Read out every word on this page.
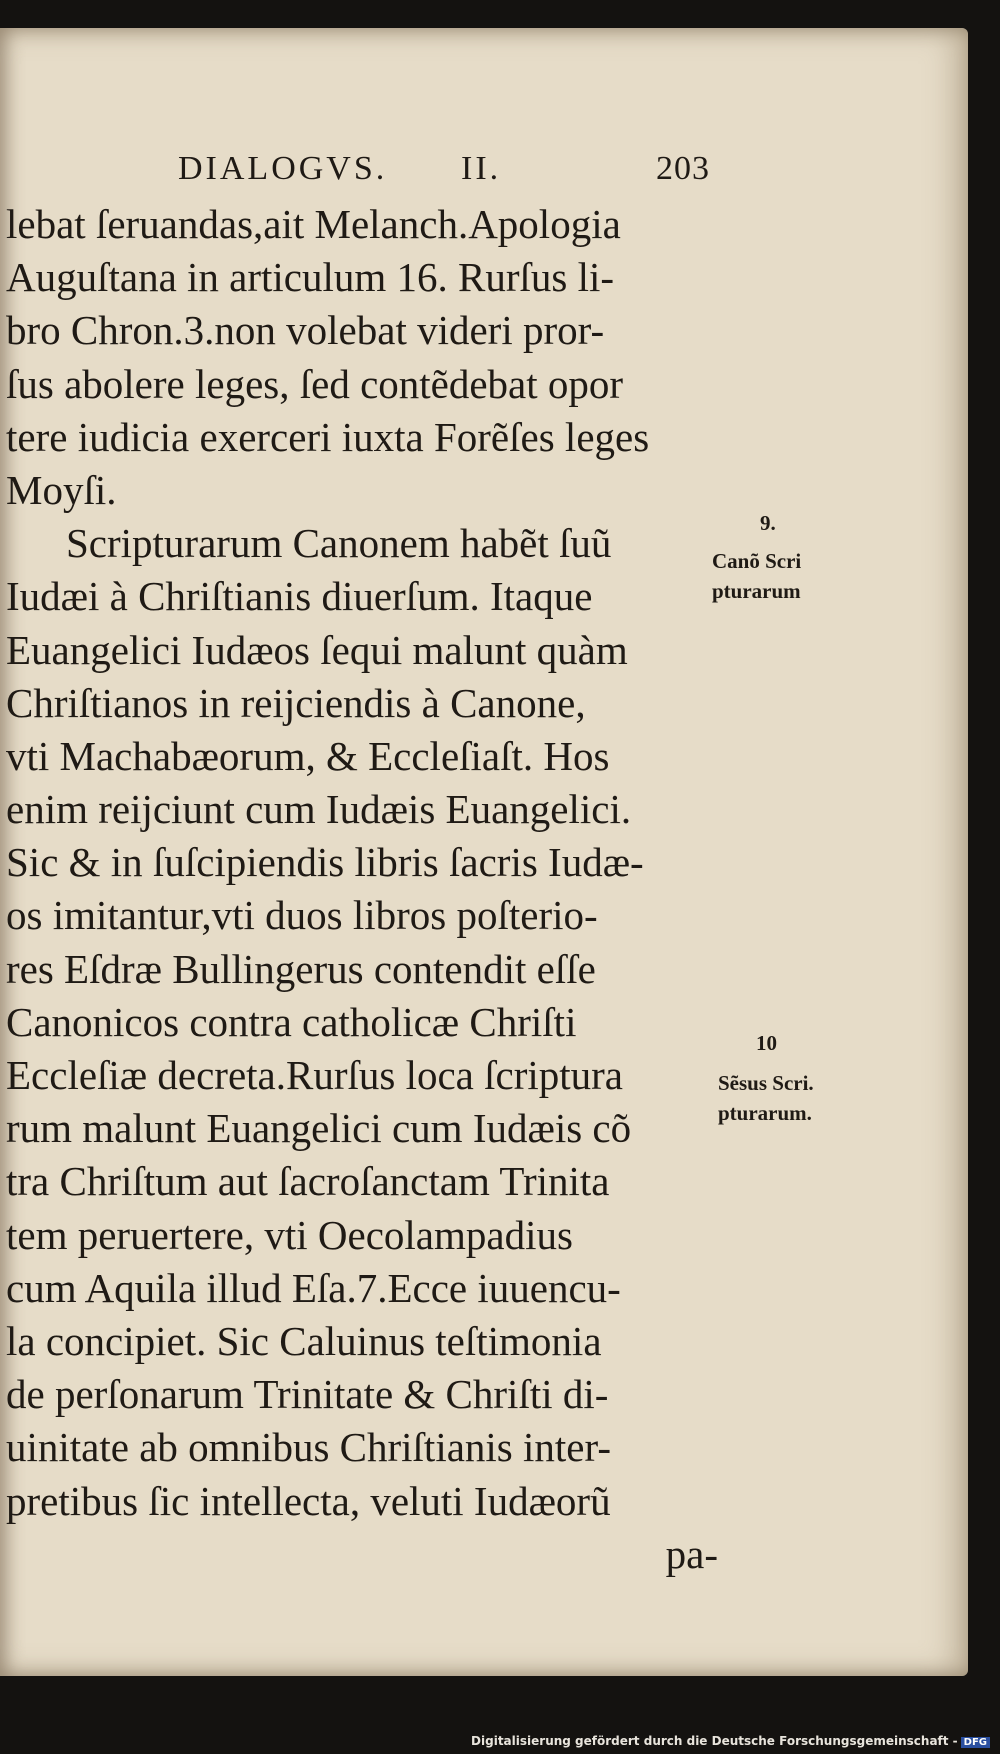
DIALOGVS. II.	203
lebat ſeruandas,ait Melanch.Apologia
Auguſtana in articulum 16. Rurſus li-
bro Chron.3.non volebat videri pror-
ſus abolere leges, ſed contẽdebat opor
tere iudicia exerceri iuxta Forẽſes leges
Moyſi.
Scripturarum Canonem habẽt ſuũ
Iudæi à Chriſtianis diuerſum. Itaque
Euangelici Iudæos ſequi malunt quàm
Chriſtianos in reijciendis à Canone,
vti Machabæorum, & Eccleſiaſt. Hos
enim reijciunt cum Iudæis Euangelici.
Sic & in ſuſcipiendis libris ſacris Iudæ-
os imitantur,vti duos libros poſterio-
res Eſdræ Bullingerus contendit eſſe
Canonicos contra catholicæ Chriſti
Eccleſiæ decreta.Rurſus loca ſcriptura
rum malunt Euangelici cum Iudæis cõ
tra Chriſtum aut ſacroſanctam Trinita
tem peruertere, vti Oecolampadius
cum Aquila illud Eſa.7.Ecce iuuencu-
la concipiet. Sic Caluinus teſtimonia
de perſonarum Trinitate & Chriſti di-
uinitate ab omnibus Chriſtianis inter-
pretibus ſic intellecta, veluti Iudæorũ
pa-
9.
Canõ Scri
pturarum
10
Sẽsus Scri.
pturarum.
Digitalisierung gefördert durch die Deutsche Forschungsgemeinschaft - DFG
